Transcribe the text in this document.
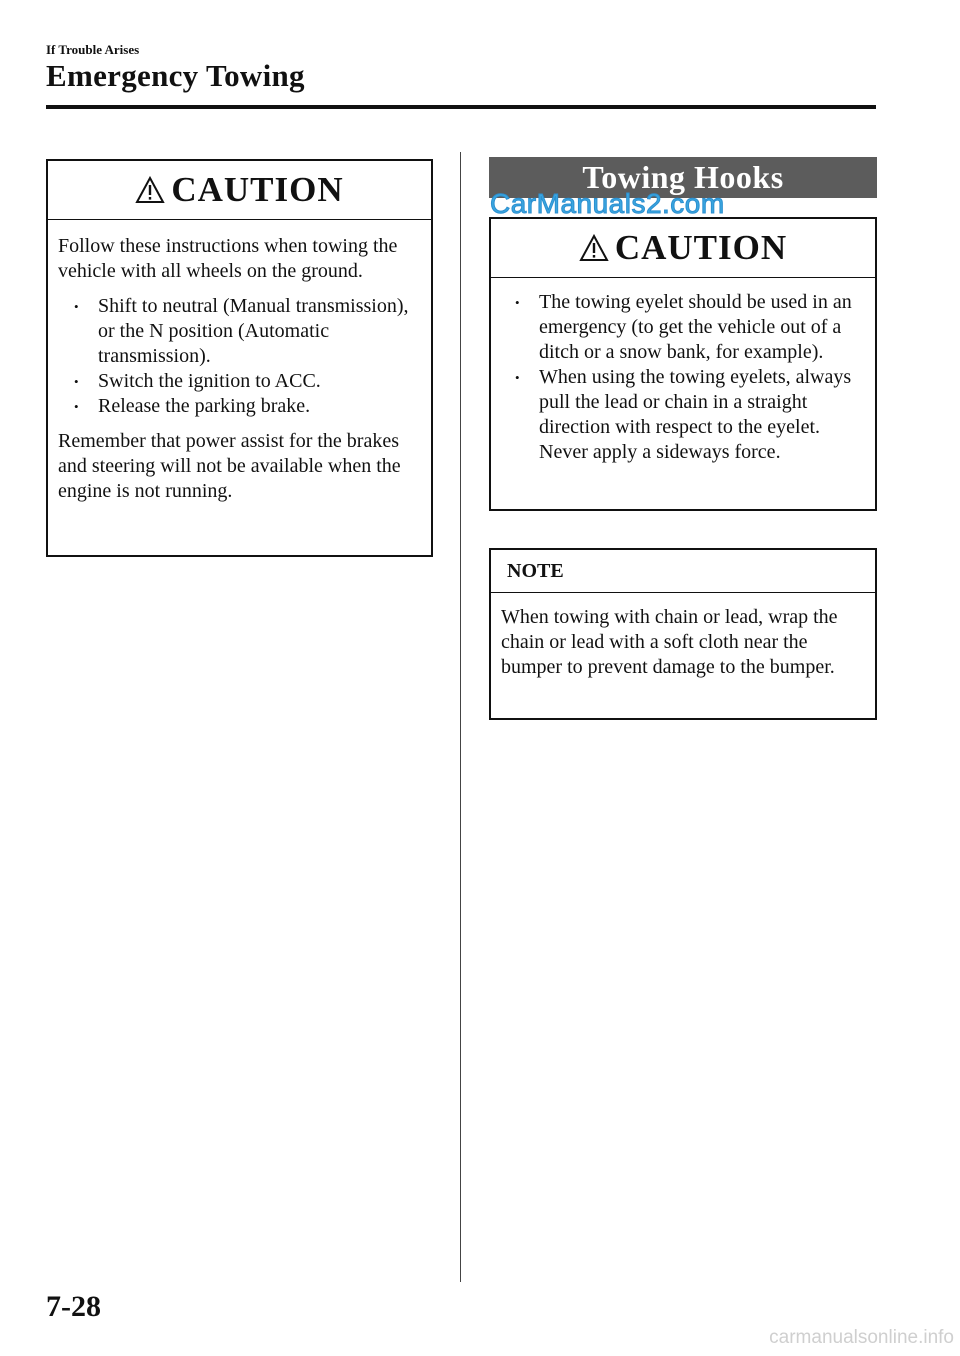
If Trouble Arises
Emergency Towing
CAUTION

Follow these instructions when towing the vehicle with all wheels on the ground.

• Shift to neutral (Manual transmission), or the N position (Automatic transmission).
• Switch the ignition to ACC.
• Release the parking brake.

Remember that power assist for the brakes and steering will not be available when the engine is not running.

Towing Hooks
CarManuals2.com
CAUTION
• The towing eyelet should be used in an emergency (to get the vehicle out of a ditch or a snow bank, for example).
• When using the towing eyelets, always pull the lead or chain in a straight direction with respect to the eyelet. Never apply a sideways force.
NOTE
When towing with chain or lead, wrap the chain or lead with a soft cloth near the bumper to prevent damage to the bumper.
7-28
carmanualsonline.info
